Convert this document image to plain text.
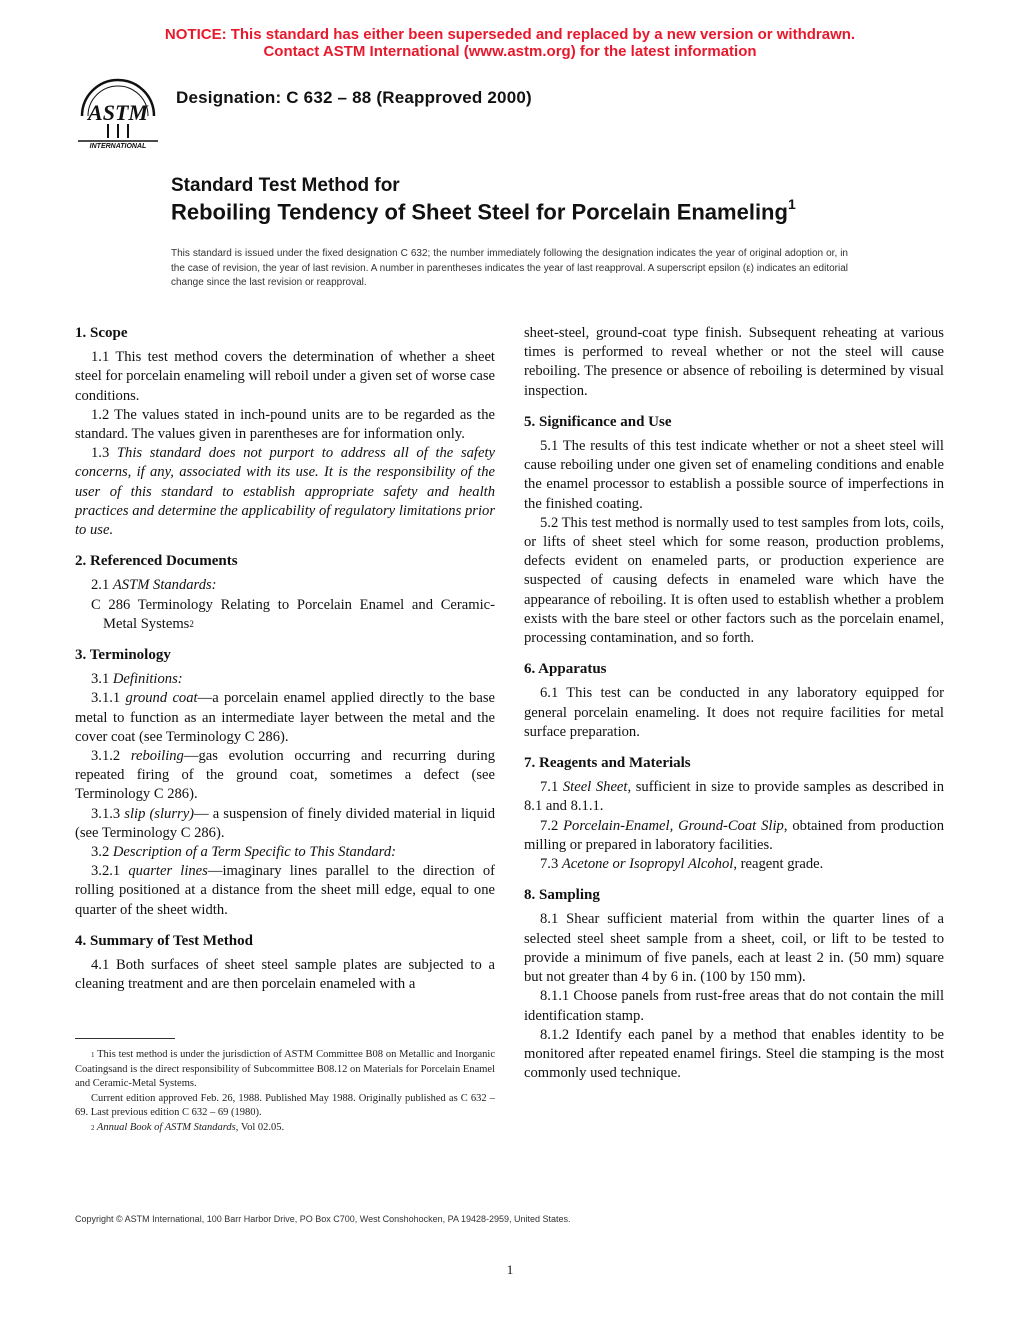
NOTICE: This standard has either been superseded and replaced by a new version or withdrawn.
Contact ASTM International (www.astm.org) for the latest information
ASTM
INTERNATIONAL
Designation: C 632 – 88 (Reapproved 2000)
Standard Test Method for
Reboiling Tendency of Sheet Steel for Porcelain Enameling$^1$
This standard is issued under the fixed designation C 632; the number immediately following the designation indicates the year of original adoption or, in the case of revision, the year of last revision. A number in parentheses indicates the year of last reapproval. A superscript epsilon (ε) indicates an editorial change since the last revision or reapproval.
1. Scope

1.1 This test method covers the determination of whether a sheet steel for porcelain enameling will reboil under a given set of worse case conditions.

1.2 The values stated in inch-pound units are to be regarded as the standard. The values given in parentheses are for information only.

1.3 This standard does not purport to address all of the safety concerns, if any, associated with its use. It is the responsibility of the user of this standard to establish appropriate safety and health practices and determine the applicability of regulatory limitations prior to use.

2. Referenced Documents

2.1 ASTM Standards:

C 286 Terminology Relating to Porcelain Enamel and Ceramic-Metal Systems$^2$

3. Terminology

3.1 Definitions:

3.1.1 ground coat—a porcelain enamel applied directly to the base metal to function as an intermediate layer between the metal and the cover coat (see Terminology C 286).

3.1.2 reboiling—gas evolution occurring and recurring during repeated firing of the ground coat, sometimes a defect (see Terminology C 286).

3.1.3 slip (slurry)— a suspension of finely divided material in liquid (see Terminology C 286).

3.2 Description of a Term Specific to This Standard:

3.2.1 quarter lines—imaginary lines parallel to the direction of rolling positioned at a distance from the sheet mill edge, equal to one quarter of the sheet width.

4. Summary of Test Method

4.1 Both surfaces of sheet steel sample plates are subjected to a cleaning treatment and are then porcelain enameled with a

$^1$ This test method is under the jurisdiction of ASTM Committee B08 on Metallic and Inorganic Coatingsand is the direct responsibility of Subcommittee B08.12 on Materials for Porcelain Enamel and Ceramic-Metal Systems.

Current edition approved Feb. 26, 1988. Published May 1988. Originally published as C 632 – 69. Last previous edition C 632 – 69 (1980).

$^2$ Annual Book of ASTM Standards, Vol 02.05.

sheet-steel, ground-coat type finish. Subsequent reheating at various times is performed to reveal whether or not the steel will cause reboiling. The presence or absence of reboiling is determined by visual inspection.

5. Significance and Use

5.1 The results of this test indicate whether or not a sheet steel will cause reboiling under one given set of enameling conditions and enable the enamel processor to establish a possible source of imperfections in the finished coating.

5.2 This test method is normally used to test samples from lots, coils, or lifts of sheet steel which for some reason, production problems, defects evident on enameled parts, or production experience are suspected of causing defects in enameled ware which have the appearance of reboiling. It is often used to establish whether a problem exists with the bare steel or other factors such as the porcelain enamel, processing contamination, and so forth.

6. Apparatus

6.1 This test can be conducted in any laboratory equipped for general porcelain enameling. It does not require facilities for metal surface preparation.

7. Reagents and Materials

7.1 Steel Sheet, sufficient in size to provide samples as described in 8.1 and 8.1.1.

7.2 Porcelain-Enamel, Ground-Coat Slip, obtained from production milling or prepared in laboratory facilities.

7.3 Acetone or Isopropyl Alcohol, reagent grade.

8. Sampling

8.1 Shear sufficient material from within the quarter lines of a selected steel sheet sample from a sheet, coil, or lift to be tested to provide a minimum of five panels, each at least 2 in. (50 mm) square but not greater than 4 by 6 in. (100 by 150 mm).

8.1.1 Choose panels from rust-free areas that do not contain the mill identification stamp.

8.1.2 Identify each panel by a method that enables identity to be monitored after repeated enamel firings. Steel die stamping is the most commonly used technique.

Copyright © ASTM International, 100 Barr Harbor Drive, PO Box C700, West Conshohocken, PA 19428-2959, United States.
1
